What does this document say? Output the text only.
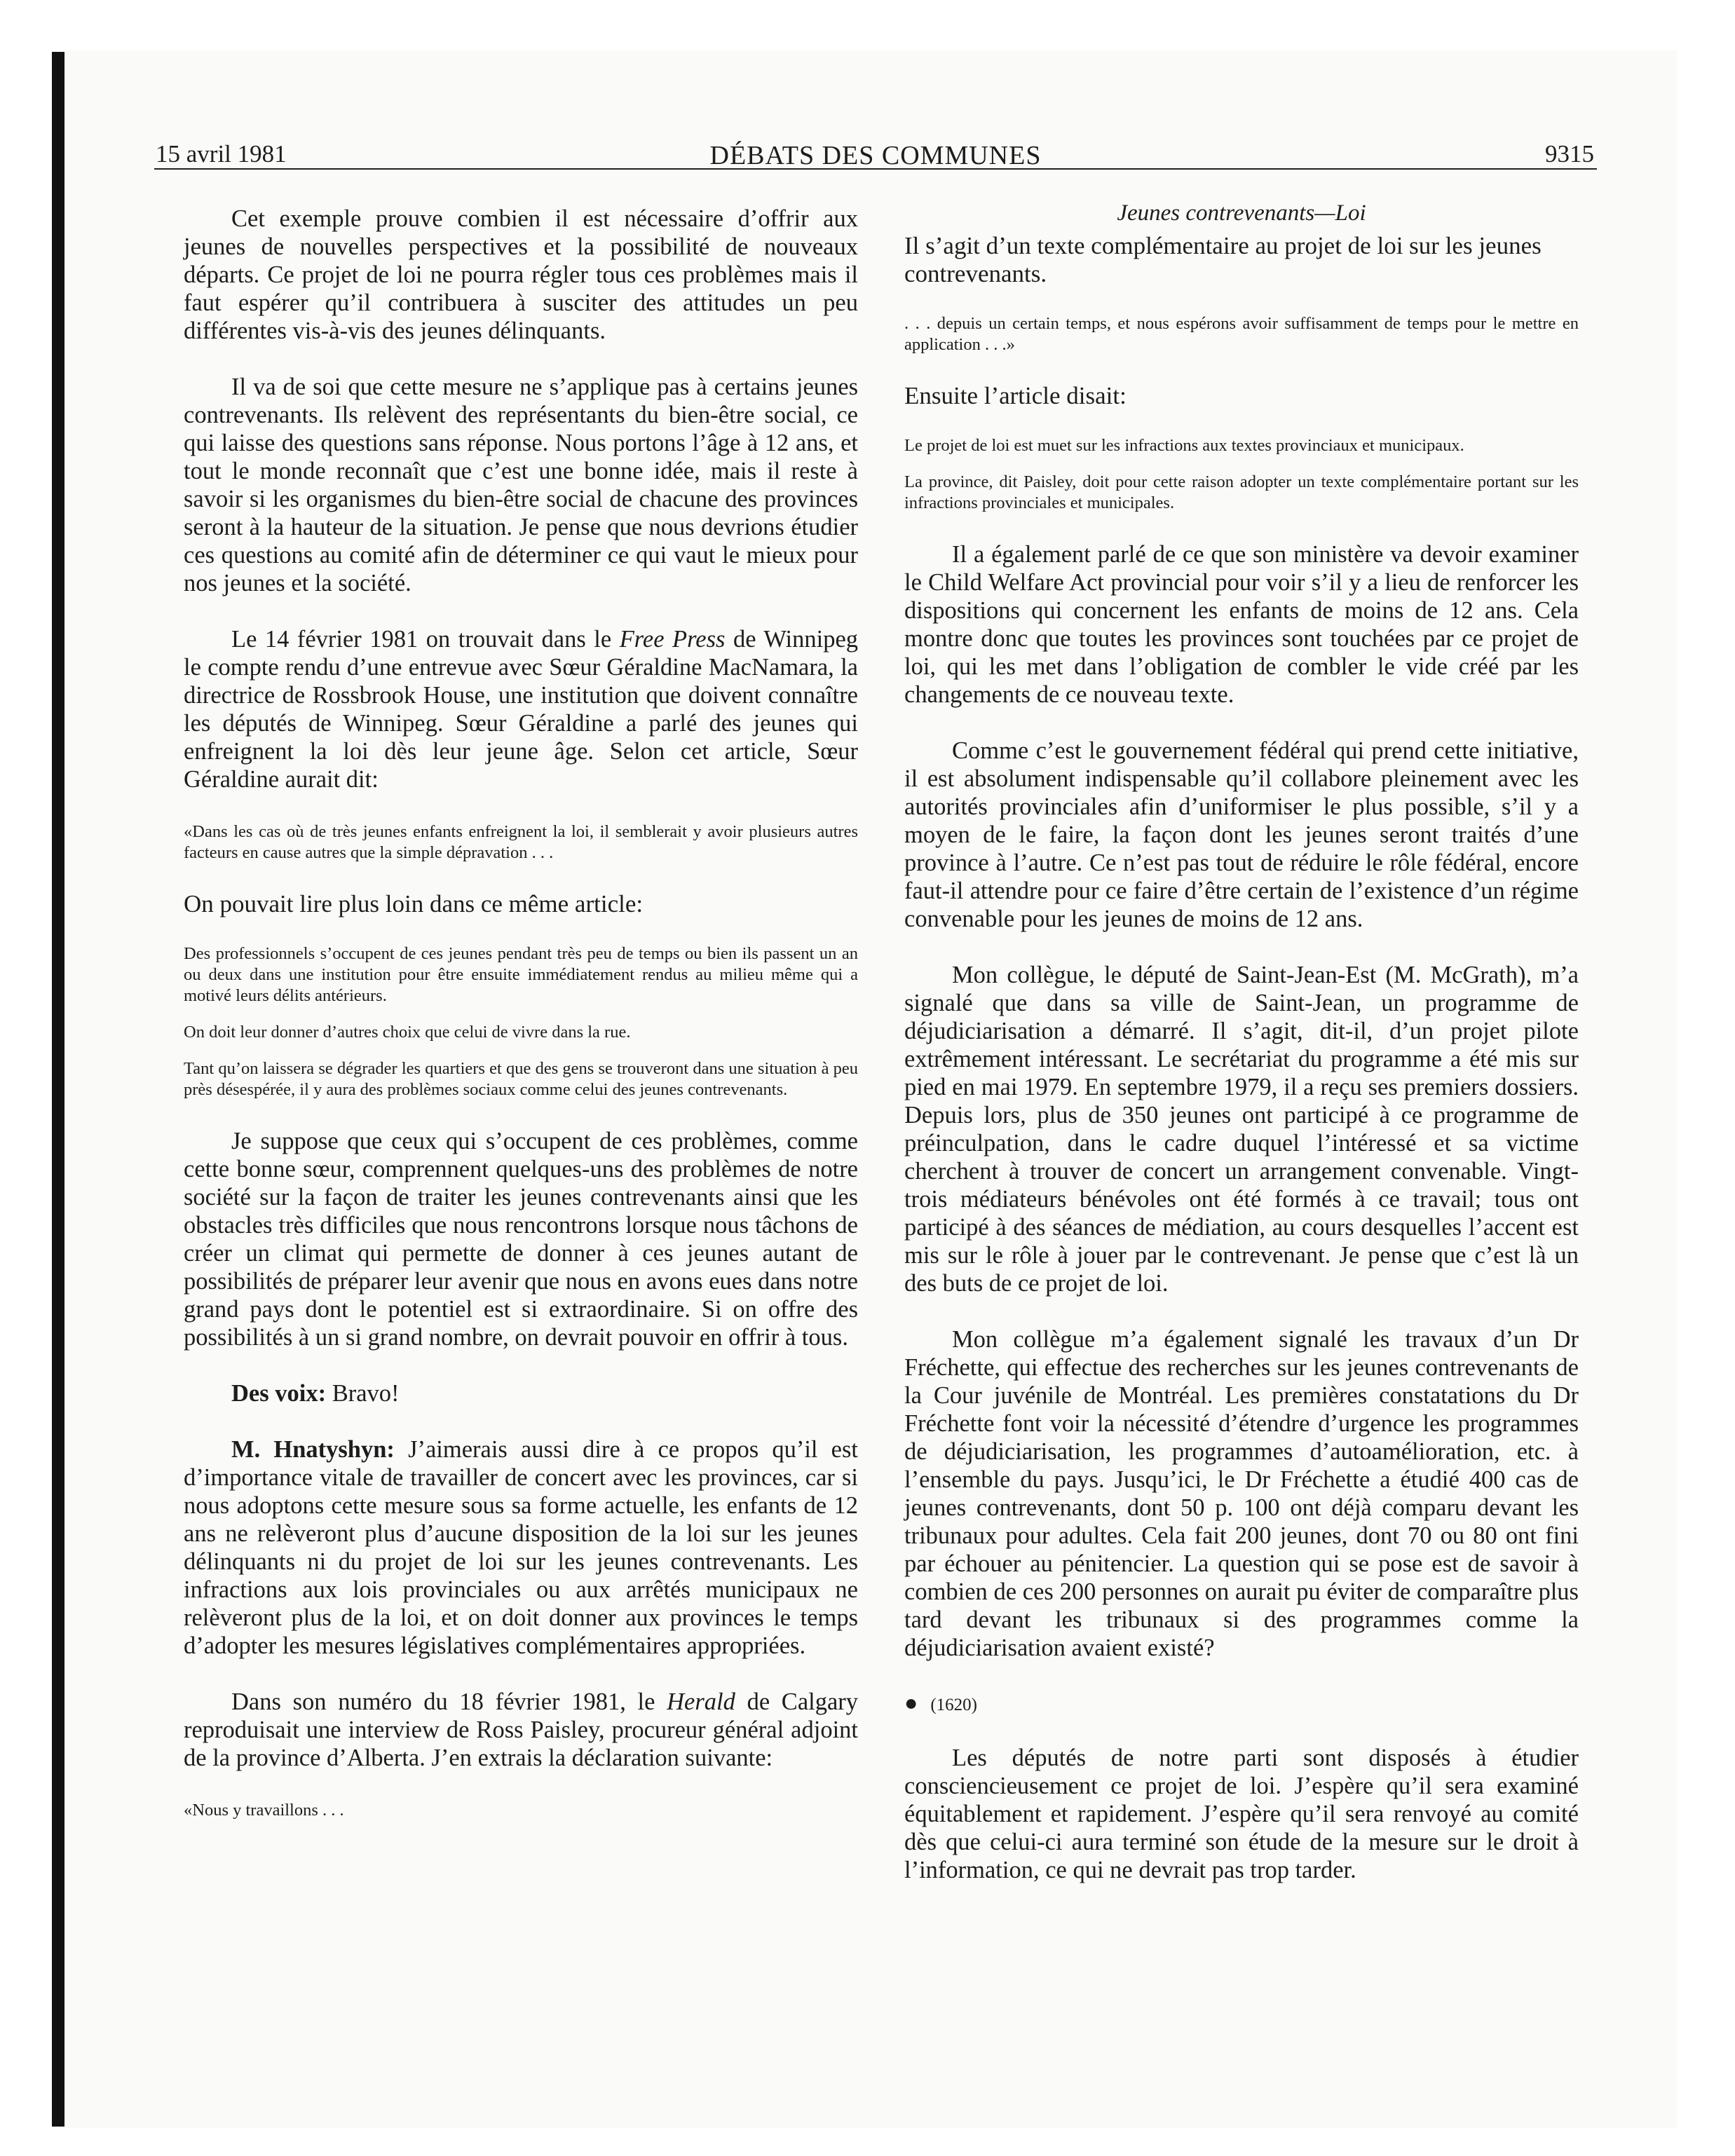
15 avril 1981	DÉBATS DES COMMUNES	9315

Cet exemple prouve combien il est nécessaire d’offrir aux jeunes de nouvelles perspectives et la possibilité de nouveaux départs. Ce projet de loi ne pourra régler tous ces problèmes mais il faut espérer qu’il contribuera à susciter des attitudes un peu différentes vis-à-vis des jeunes délinquants.

Il va de soi que cette mesure ne s’applique pas à certains jeunes contrevenants. Ils relèvent des représentants du bien-être social, ce qui laisse des questions sans réponse. Nous portons l’âge à 12 ans, et tout le monde reconnaît que c’est une bonne idée, mais il reste à savoir si les organismes du bien-être social de chacune des provinces seront à la hauteur de la situation. Je pense que nous devrions étudier ces questions au comité afin de déterminer ce qui vaut le mieux pour nos jeunes et la société.

Le 14 février 1981 on trouvait dans le Free Press de Winnipeg le compte rendu d’une entrevue avec Sœur Géraldine MacNamara, la directrice de Rossbrook House, une institution que doivent connaître les députés de Winnipeg. Sœur Géraldine a parlé des jeunes qui enfreignent la loi dès leur jeune âge. Selon cet article, Sœur Géraldine aurait dit:

«Dans les cas où de très jeunes enfants enfreignent la loi, il semblerait y avoir plusieurs autres facteurs en cause autres que la simple dépravation . . .

On pouvait lire plus loin dans ce même article:

Des professionnels s’occupent de ces jeunes pendant très peu de temps ou bien ils passent un an ou deux dans une institution pour être ensuite immédiatement rendus au milieu même qui a motivé leurs délits antérieurs.

On doit leur donner d’autres choix que celui de vivre dans la rue.

Tant qu’on laissera se dégrader les quartiers et que des gens se trouveront dans une situation à peu près désespérée, il y aura des problèmes sociaux comme celui des jeunes contrevenants.

Je suppose que ceux qui s’occupent de ces problèmes, comme cette bonne sœur, comprennent quelques-uns des problèmes de notre société sur la façon de traiter les jeunes contrevenants ainsi que les obstacles très difficiles que nous rencontrons lorsque nous tâchons de créer un climat qui permette de donner à ces jeunes autant de possibilités de préparer leur avenir que nous en avons eues dans notre grand pays dont le potentiel est si extraordinaire. Si on offre des possibilités à un si grand nombre, on devrait pouvoir en offrir à tous.

Des voix: Bravo!

M. Hnatyshyn: J’aimerais aussi dire à ce propos qu’il est d’importance vitale de travailler de concert avec les provinces, car si nous adoptons cette mesure sous sa forme actuelle, les enfants de 12 ans ne relèveront plus d’aucune disposition de la loi sur les jeunes délinquants ni du projet de loi sur les jeunes contrevenants. Les infractions aux lois provinciales ou aux arrêtés municipaux ne relèveront plus de la loi, et on doit donner aux provinces le temps d’adopter les mesures législatives complémentaires appropriées.

Dans son numéro du 18 février 1981, le Herald de Calgary reproduisait une interview de Ross Paisley, procureur général adjoint de la province d’Alberta. J’en extrais la déclaration suivante:

«Nous y travaillons . . .

Jeunes contrevenants—Loi

Il s’agit d’un texte complémentaire au projet de loi sur les jeunes contrevenants.

. . . depuis un certain temps, et nous espérons avoir suffisamment de temps pour le mettre en application . . .»

Ensuite l’article disait:

Le projet de loi est muet sur les infractions aux textes provinciaux et municipaux.

La province, dit Paisley, doit pour cette raison adopter un texte complémentaire portant sur les infractions provinciales et municipales.

Il a également parlé de ce que son ministère va devoir examiner le Child Welfare Act provincial pour voir s’il y a lieu de renforcer les dispositions qui concernent les enfants de moins de 12 ans. Cela montre donc que toutes les provinces sont touchées par ce projet de loi, qui les met dans l’obligation de combler le vide créé par les changements de ce nouveau texte.

Comme c’est le gouvernement fédéral qui prend cette initiative, il est absolument indispensable qu’il collabore pleinement avec les autorités provinciales afin d’uniformiser le plus possible, s’il y a moyen de le faire, la façon dont les jeunes seront traités d’une province à l’autre. Ce n’est pas tout de réduire le rôle fédéral, encore faut-il attendre pour ce faire d’être certain de l’existence d’un régime convenable pour les jeunes de moins de 12 ans.

Mon collègue, le député de Saint-Jean-Est (M. McGrath), m’a signalé que dans sa ville de Saint-Jean, un programme de déjudiciarisation a démarré. Il s’agit, dit-il, d’un projet pilote extrêmement intéressant. Le secrétariat du programme a été mis sur pied en mai 1979. En septembre 1979, il a reçu ses premiers dossiers. Depuis lors, plus de 350 jeunes ont participé à ce programme de préinculpation, dans le cadre duquel l’intéressé et sa victime cherchent à trouver de concert un arrangement convenable. Vingt-trois médiateurs bénévoles ont été formés à ce travail; tous ont participé à des séances de médiation, au cours desquelles l’accent est mis sur le rôle à jouer par le contrevenant. Je pense que c’est là un des buts de ce projet de loi.

Mon collègue m’a également signalé les travaux d’un Dr Fréchette, qui effectue des recherches sur les jeunes contrevenants de la Cour juvénile de Montréal. Les premières constatations du Dr Fréchette font voir la nécessité d’étendre d’urgence les programmes de déjudiciarisation, les programmes d’autoamélioration, etc. à l’ensemble du pays. Jusqu’ici, le Dr Fréchette a étudié 400 cas de jeunes contrevenants, dont 50 p. 100 ont déjà comparu devant les tribunaux pour adultes. Cela fait 200 jeunes, dont 70 ou 80 ont fini par échouer au pénitencier. La question qui se pose est de savoir à combien de ces 200 personnes on aurait pu éviter de comparaître plus tard devant les tribunaux si des programmes comme la déjudiciarisation avaient existé?

● (1620)

Les députés de notre parti sont disposés à étudier consciencieusement ce projet de loi. J’espère qu’il sera examiné équitablement et rapidement. J’espère qu’il sera renvoyé au comité dès que celui-ci aura terminé son étude de la mesure sur le droit à l’information, ce qui ne devrait pas trop tarder.
